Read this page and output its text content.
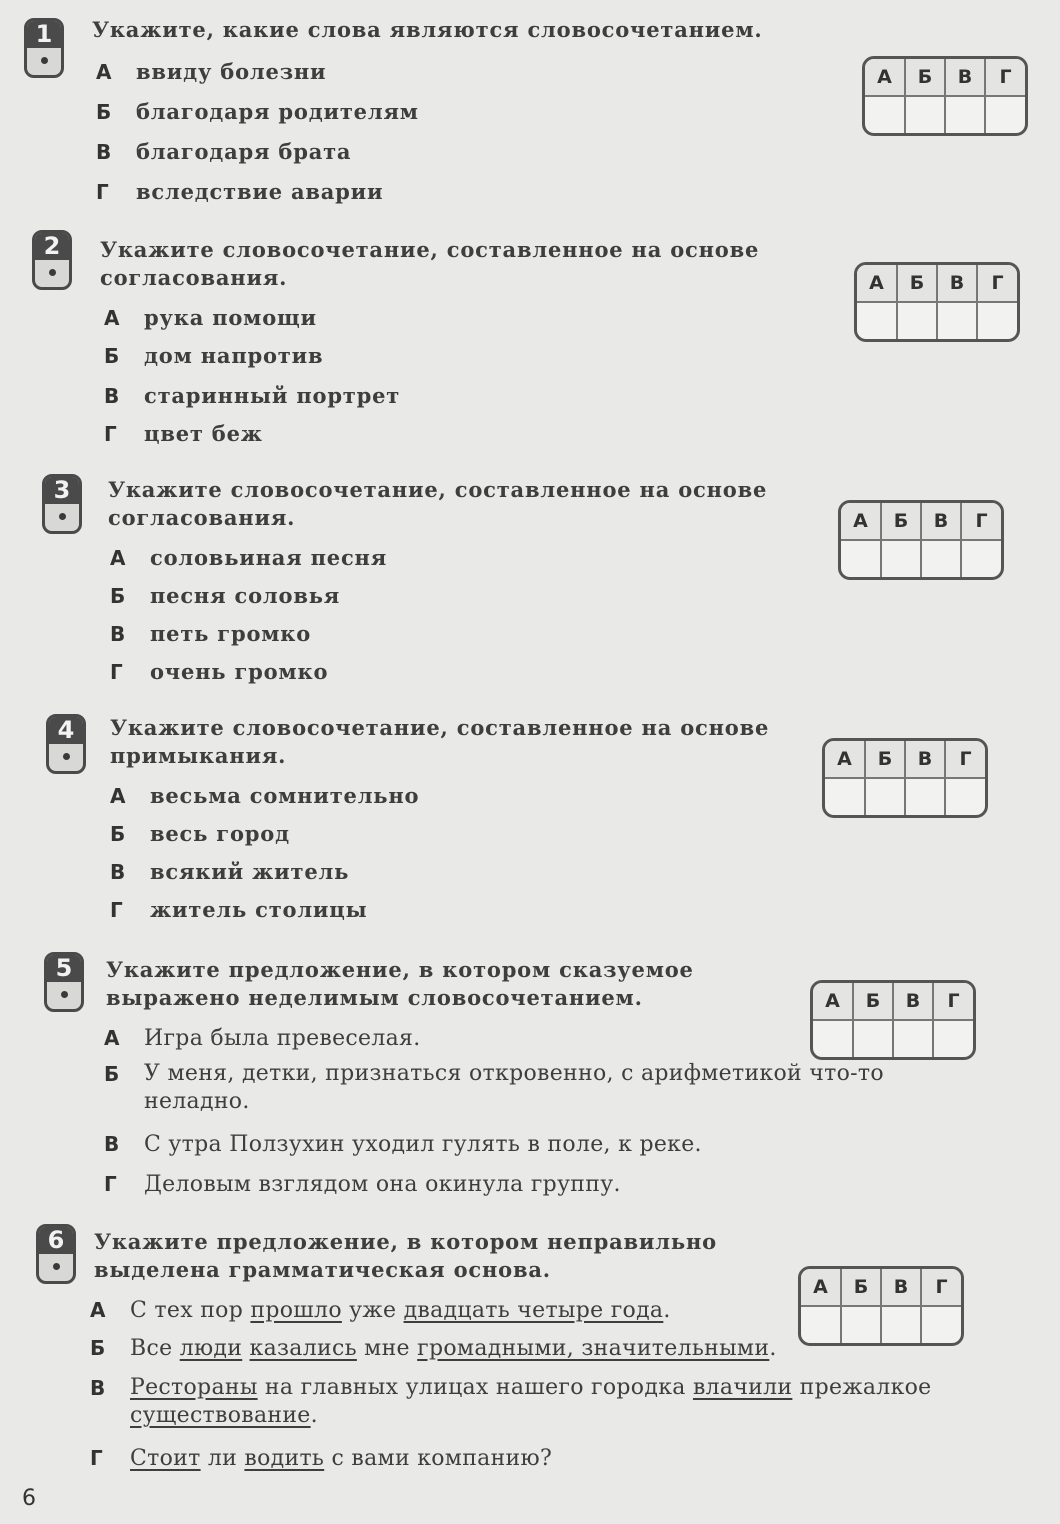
1	Укажите, какие слова являются словосочетанием.
А ввиду болезни
Б благодаря родителям
В благодаря брата
Г вследствие аварии
А	Б	В	Г

2	Укажите словосочетание, составленное на основе согласования.
А рука помощи
Б дом напротив
В старинный портрет
Г цвет беж
А	Б	В	Г

3	Укажите словосочетание, составленное на основе согласования.
А соловьиная песня
Б песня соловья
В петь громко
Г очень громко
А	Б	В	Г

4	Укажите словосочетание, составленное на основе примыкания.
А весьма сомнительно
Б весь город
В всякий житель
Г житель столицы
А	Б	В	Г

5	Укажите предложение, в котором сказуемое выражено неделимым словосочетанием.
А Игра была превеселая.
Б У меня, детки, признаться откровенно, с арифметикой что-то неладно.
В С утра Ползухин уходил гулять в поле, к реке.
Г Деловым взглядом она окинула группу.
А	Б	В	Г

6	Укажите предложение, в котором неправильно выделена грамматическая основа.
А С тех пор прошло уже двадцать четыре года.
Б Все люди казались мне громадными, значительными.
В Рестораны на главных улицах нашего городка влачили прежалкое существование.
Г Стоит ли водить с вами компанию?
А	Б	В	Г

6
